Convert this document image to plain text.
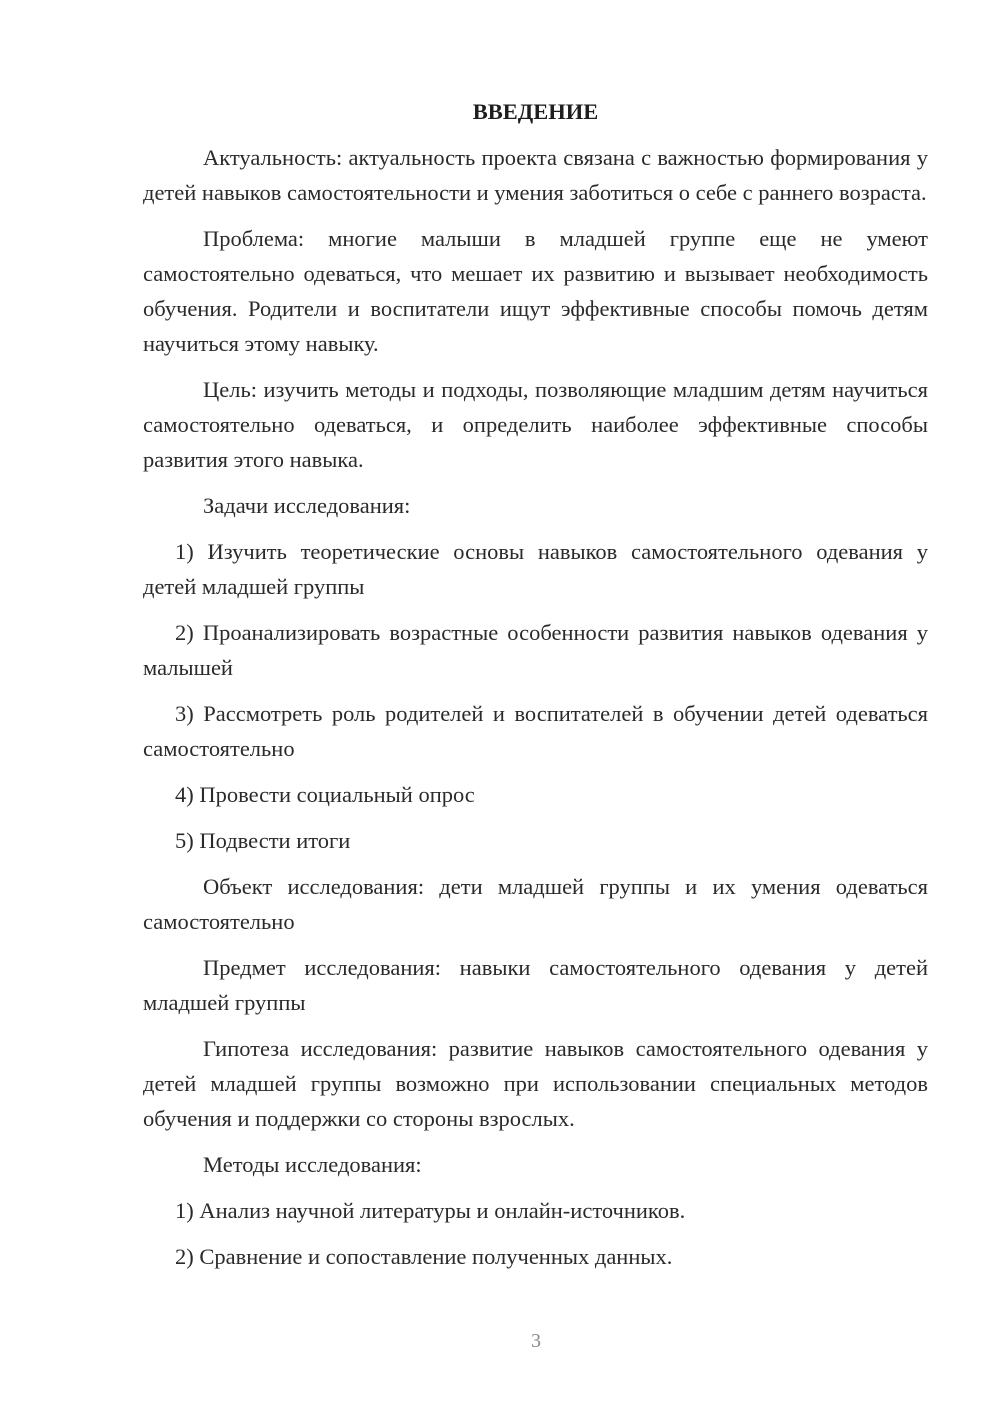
ВВЕДЕНИЕ

Актуальность: актуальность проекта связана с важностью формирования у детей навыков самостоятельности и умения заботиться о себе с раннего возраста.

Проблема: многие малыши в младшей группе еще не умеют самостоятельно одеваться, что мешает их развитию и вызывает необходимость обучения. Родители и воспитатели ищут эффективные способы помочь детям научиться этому навыку.

Цель: изучить методы и подходы, позволяющие младшим детям научиться самостоятельно одеваться, и определить наиболее эффективные способы развития этого навыка.

Задачи исследования:

1) Изучить теоретические основы навыков самостоятельного одевания у детей младшей группы

2) Проанализировать возрастные особенности развития навыков одевания у малышей

3) Рассмотреть роль родителей и воспитателей в обучении детей одеваться самостоятельно

4) Провести социальный опрос

5) Подвести итоги

Объект исследования: дети младшей группы и их умения одеваться самостоятельно

Предмет исследования: навыки самостоятельного одевания у детей младшей группы

Гипотеза исследования: развитие навыков самостоятельного одевания у детей младшей группы возможно при использовании специальных методов обучения и поддержки со стороны взрослых.

Методы исследования:

1) Анализ научной литературы и онлайн-источников.

2) Сравнение и сопоставление полученных данных.

3
